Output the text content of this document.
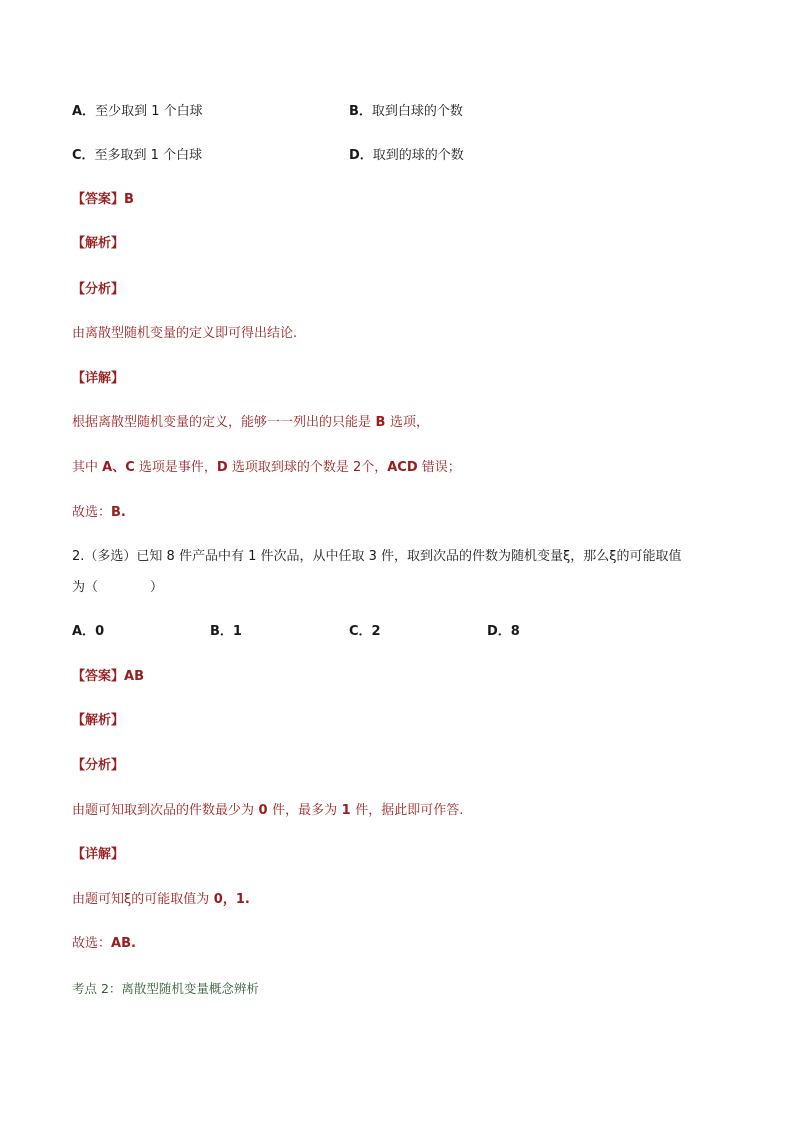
A．至少取到 1 个白球	B．取到白球的个数
C．至多取到 1 个白球	D．取到的球的个数
【答案】B
【解析】
【分析】
由离散型随机变量的定义即可得出结论.
【详解】
根据离散型随机变量的定义，能够一一列出的只能是 B 选项，
其中 A、C 选项是事件，D 选项取到球的个数是 2个，ACD 错误；
故选：B.
2.（多选）已知 8 件产品中有 1 件次品，从中任取 3 件，取到次品的件数为随机变量ξ，那么ξ的可能取值
为（　　　　）
A．0	B．1	C．2	D．8
【答案】AB
【解析】
【分析】
由题可知取到次品的件数最少为 0 件，最多为 1 件，据此即可作答.
【详解】
由题可知ξ的可能取值为 0，1.
故选：AB.
考点 2：离散型随机变量概念辨析
